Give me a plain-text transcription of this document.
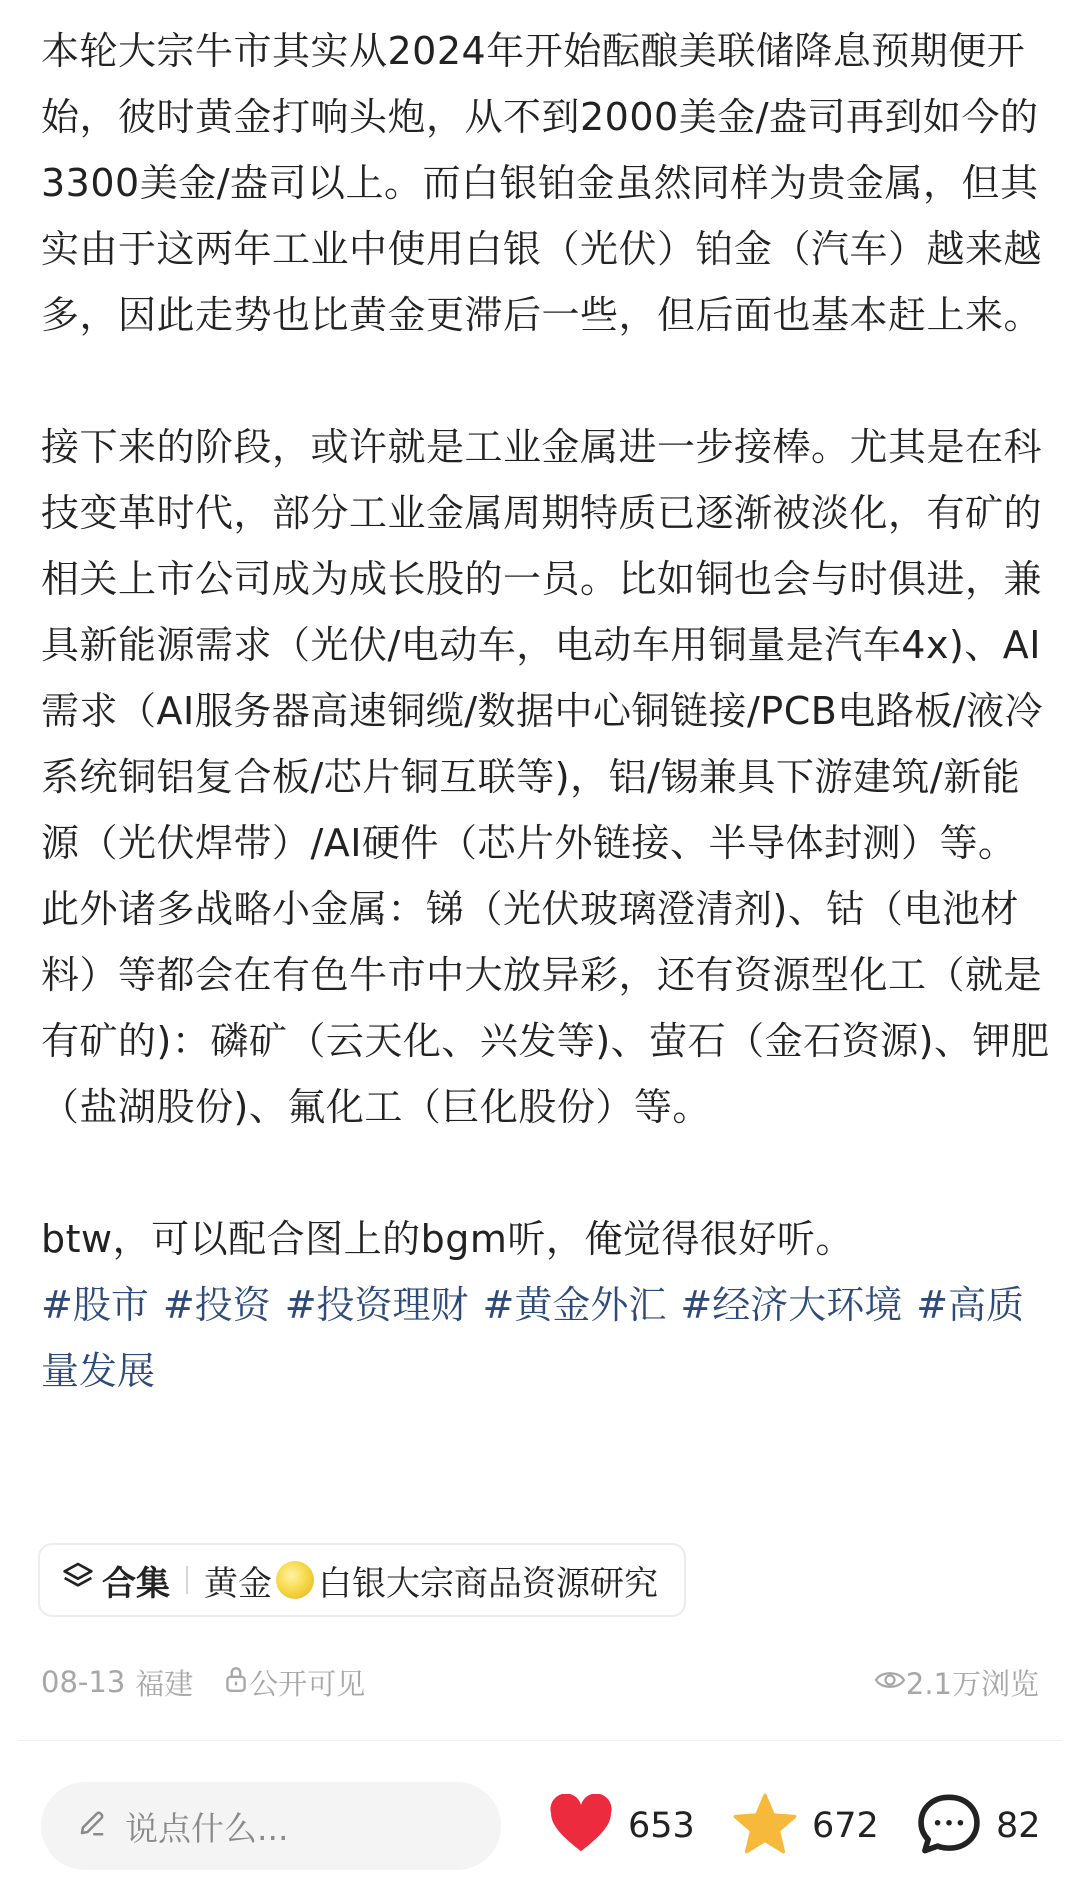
本轮大宗牛市其实从2024年开始酝酿美联储降息预期便开始，彼时黄金打响头炮，从不到2000美金/盎司再到如今的3300美金/盎司以上。而白银铂金虽然同样为贵金属，但其实由于这两年工业中使用白银（光伏）铂金（汽车）越来越多，因此走势也比黄金更滞后一些，但后面也基本赶上来。

接下来的阶段，或许就是工业金属进一步接棒。尤其是在科技变革时代，部分工业金属周期特质已逐渐被淡化，有矿的相关上市公司成为成长股的一员。比如铜也会与时俱进，兼具新能源需求（光伏/电动车，电动车用铜量是汽车4x)、AI需求（AI服务器高速铜缆/数据中心铜链接/PCB电路板/液冷系统铜铝复合板/芯片铜互联等)，铝/锡兼具下游建筑/新能源（光伏焊带）/AI硬件（芯片外链接、半导体封测）等。此外诸多战略小金属：锑（光伏玻璃澄清剂)、钴（电池材料）等都会在有色牛市中大放异彩，还有资源型化工（就是有矿的)：磷矿（云天化、兴发等)、萤石（金石资源)、钾肥（盐湖股份)、氟化工（巨化股份）等。

btw，可以配合图上的bgm听，俺觉得很好听。

#股市 #投资 #投资理财 #黄金外汇 #经济大环境 #高质量发展

合集 黄金 白银大宗商品资源研究
08-13 福建 公开可见	2.1万浏览
说点什么...	653	672	82
